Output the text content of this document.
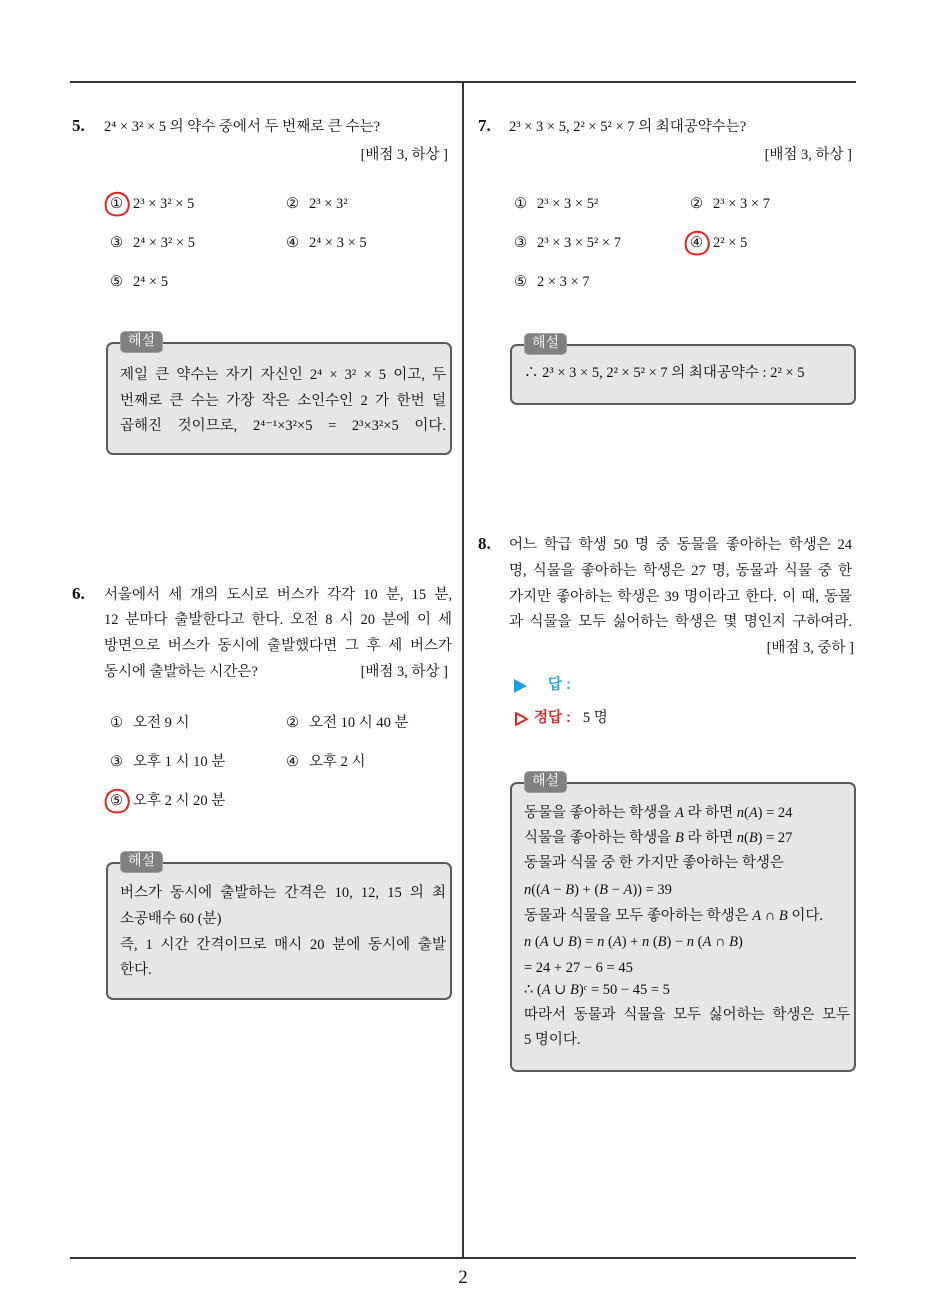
5. 2⁴ × 3² × 5 의 약수 중에서 두 번째로 큰 수는?
[배점 3, 하상 ]
① 2³ × 3² × 5	② 2³ × 3²
③ 2⁴ × 3² × 5	④ 2⁴ × 3 × 5
⑤ 2⁴ × 5
해설
제일 큰 약수는 자기 자신인 2⁴ × 3² × 5 이고, 두
번째로 큰 수는 가장 작은 소인수인 2 가 한번 덜
곱해진 것이므로, 2⁴⁻¹×3²×5 = 2³×3²×5 이다.
6. 서울에서 세 개의 도시로 버스가 각각 10 분, 15 분,
12 분마다 출발한다고 한다. 오전 8 시 20 분에 이 세
방면으로 버스가 동시에 출발했다면 그 후 세 버스가
동시에 출발하는 시간은?	[배점 3, 하상 ]
① 오전 9 시	② 오전 10 시 40 분
③ 오후 1 시 10 분	④ 오후 2 시
⑤ 오후 2 시 20 분
해설
버스가 동시에 출발하는 간격은 10, 12, 15 의 최
소공배수 60 (분)
즉, 1 시간 간격이므로 매시 20 분에 동시에 출발
한다.
7. 2³ × 3 × 5, 2² × 5² × 7 의 최대공약수는?
[배점 3, 하상 ]
① 2³ × 3 × 5²	② 2³ × 3 × 7
③ 2³ × 3 × 5² × 7	④ 2² × 5
⑤ 2 × 3 × 7
해설
∴ 2³ × 3 × 5, 2² × 5² × 7 의 최대공약수 : 2² × 5
8. 어느 학급 학생 50 명 중 동물을 좋아하는 학생은 24
명, 식물을 좋아하는 학생은 27 명, 동물과 식물 중 한
가지만 좋아하는 학생은 39 명이라고 한다. 이 때, 동물
과 식물을 모두 싫어하는 학생은 몇 명인지 구하여라.
[배점 3, 중하 ]
답 :
정답 : 5 명
해설
동물을 좋아하는 학생을 A 라 하면 n(A) = 24
식물을 좋아하는 학생을 B 라 하면 n(B) = 27
동물과 식물 중 한 가지만 좋아하는 학생은
n((A − B) + (B − A)) = 39
동물과 식물을 모두 좋아하는 학생은 A ∩ B 이다.
n (A ∪ B) = n (A) + n (B) − n (A ∩ B)
= 24 + 27 − 6 = 45
∴ (A ∪ B)ᶜ = 50 − 45 = 5
따라서 동물과 식물을 모두 싫어하는 학생은 모두
5 명이다.
2
